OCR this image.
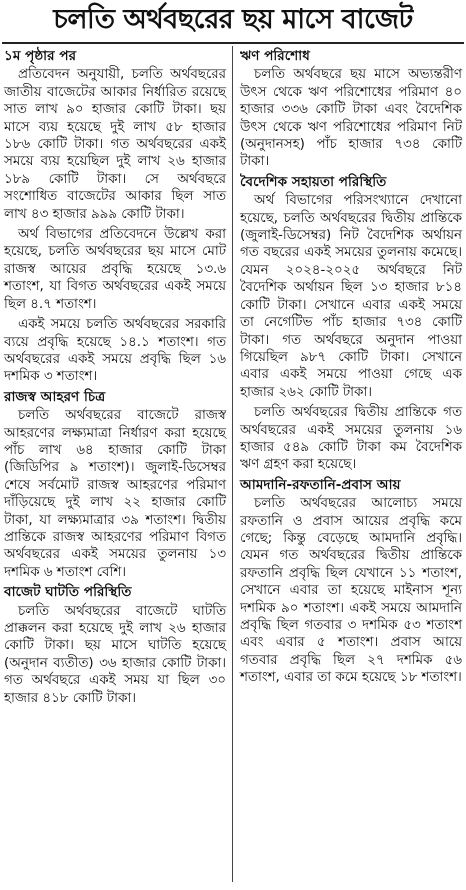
চলতি অর্থবছরের ছয় মাসে বাজেট
১ম পৃষ্ঠার পর

প্রতিবেদন অনুযায়ী, চলতি অর্থবছরের জাতীয় বাজেটের আকার নির্ধারিত রয়েছে সাত লাখ ৯০ হাজার কোটি টাকা। ছয় মাসে ব্যয় হয়েছে দুই লাখ ৫৮ হাজার ১৮৬ কোটি টাকা। গত অর্থবছরের একই সময়ে ব্যয় হয়েছিল দুই লাখ ২৬ হাজার ১৮৯ কোটি টাকা। সে অর্থবছরে সংশোধিত বাজেটের আকার ছিল সাত লাখ ৪৩ হাজার ৯৯৯ কোটি টাকা।

অর্থ বিভাগের প্রতিবেদনে উল্লেখ করা হয়েছে, চলতি অর্থবছরের ছয় মাসে মোট রাজস্ব আয়ের প্রবৃদ্ধি হয়েছে ১৩.৬ শতাংশ, যা বিগত অর্থবছরের একই সময়ে ছিল ৪.৭ শতাংশ।

একই সময়ে চলতি অর্থবছরের সরকারি ব্যয়ে প্রবৃদ্ধি হয়েছে ১৪.১ শতাংশ। গত অর্থবছরের একই সময়ে প্রবৃদ্ধি ছিল ১৬ দশমিক ৩ শতাংশ।

রাজস্ব আহরণ চিত্র

চলতি অর্থবছরের বাজেটে রাজস্ব আহরণের লক্ষ্যমাত্রা নির্ধারণ করা হয়েছে পাঁচ লাখ ৬৪ হাজার কোটি টাকা (জিডিপির ৯ শতাংশ)। জুলাই-ডিসেম্বর শেষে সর্বমোট রাজস্ব আহরণের পরিমাণ দাঁড়িয়েছে দুই লাখ ২২ হাজার কোটি টাকা, যা লক্ষ্যমাত্রার ৩৯ শতাংশ। দ্বিতীয় প্রান্তিকে রাজস্ব আহরণের পরিমাণ বিগত অর্থবছরের একই সময়ের তুলনায় ১৩ দশমিক ৬ শতাংশ বেশি।

বাজেট ঘাটতি পরিস্থিতি

চলতি অর্থবছরের বাজেটে ঘাটতি প্রাক্কলন করা হয়েছে দুই লাখ ২৬ হাজার কোটি টাকা। ছয় মাসে ঘাটতি হয়েছে (অনুদান ব্যতীত) ৩৬ হাজার কোটি টাকা। গত অর্থবছরে একই সময় যা ছিল ৩০ হাজার ৪১৮ কোটি টাকা।

ঋণ পরিশোধ

চলতি অর্থবছরে ছয় মাসে অভ্যন্তরীণ উৎস থেকে ঋণ পরিশোধের পরিমাণ ৪০ হাজার ৩৩৬ কোটি টাকা এবং বৈদেশিক উৎস থেকে ঋণ পরিশোধের পরিমাণ নিট (অনুদানসহ) পাঁচ হাজার ৭৩৪ কোটি টাকা।

বৈদেশিক সহায়তা পরিস্থিতি

অর্থ বিভাগের পরিসংখ্যানে দেখানো হয়েছে, চলতি অর্থবছরের দ্বিতীয় প্রান্তিকে (জুলাই-ডিসেম্বর) নিট বৈদেশিক অর্থায়ন গত বছরের একই সময়ের তুলনায় কমেছে। যেমন ২০২৪-২০২৫ অর্থবছরে নিট বৈদেশিক অর্থায়ন ছিল ১৩ হাজার ৮১৪ কোটি টাকা। সেখানে এবার একই সময়ে তা নেগেটিভ পাঁচ হাজার ৭৩৪ কোটি টাকা। গত অর্থবছরে অনুদান পাওয়া গিয়েছিল ৯৮৭ কোটি টাকা। সেখানে এবার একই সময়ে পাওয়া গেছে এক হাজার ২৬২ কোটি টাকা।

চলতি অর্থবছরের দ্বিতীয় প্রান্তিকে গত অর্থবছরের একই সময়ের তুলনায় ১৬ হাজার ৫৪৯ কোটি টাকা কম বৈদেশিক ঋণ গ্রহণ করা হয়েছে।

আমদানি-রফতানি-প্রবাস আয়

চলতি অর্থবছরের আলোচ্য সময়ে রফতানি ও প্রবাস আয়ের প্রবৃদ্ধি কমে গেছে; কিন্তু বেড়েছে আমদানি প্রবৃদ্ধি। যেমন গত অর্থবছরের দ্বিতীয় প্রান্তিকে রফতানি প্রবৃদ্ধি ছিল যেখানে ১১ শতাংশ, সেখানে এবার তা হয়েছে মাইনাস শূন্য দশমিক ৯০ শতাংশ। একই সময়ে আমদানি প্রবৃদ্ধি ছিল গতবার ৩ দশমিক ৫৩ শতাংশ এবং এবার ৫ শতাংশ। প্রবাস আয়ে গতবার প্রবৃদ্ধি ছিল ২৭ দশমিক ৫৬ শতাংশ, এবার তা কমে হয়েছে ১৮ শতাংশ।
